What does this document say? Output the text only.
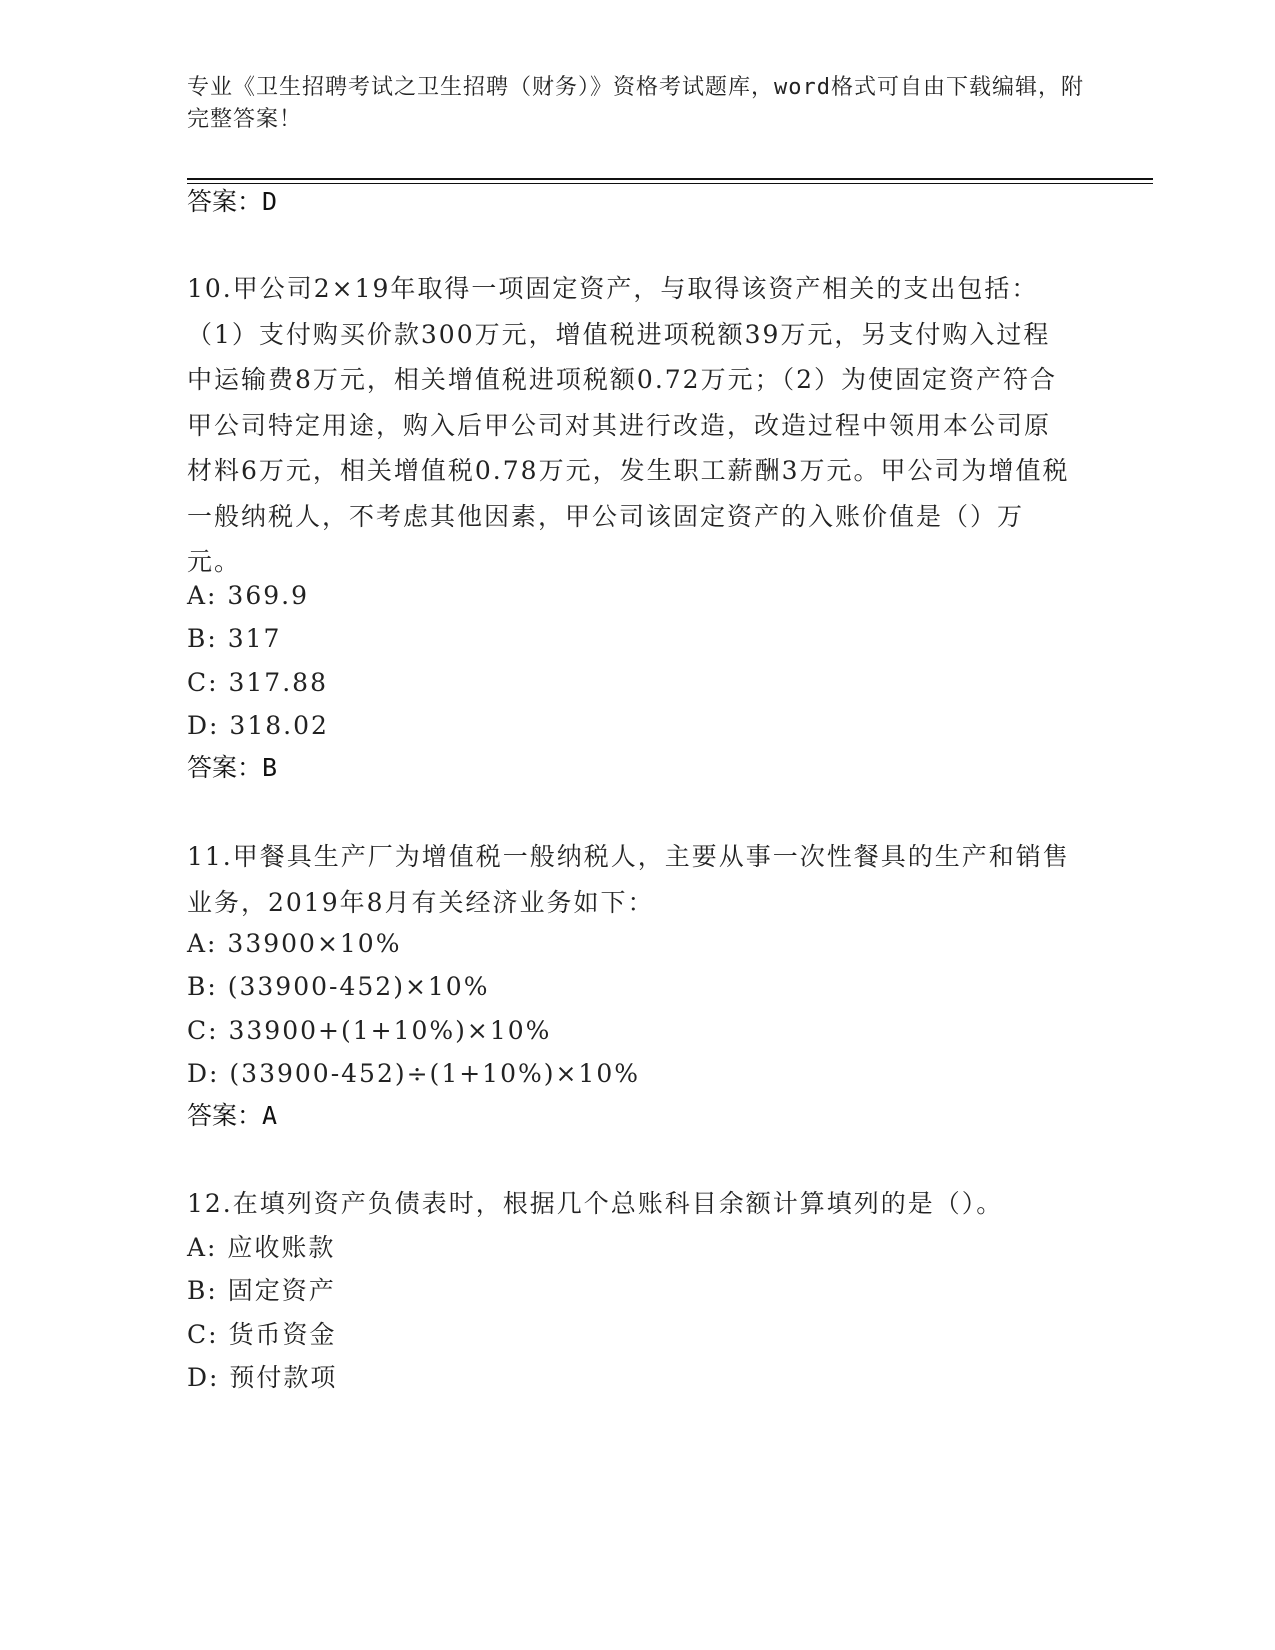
专业《卫生招聘考试之卫生招聘（财务）》资格考试题库，word格式可自由下载编辑，附完整答案！
答案：D
10.甲公司2×19年取得一项固定资产，与取得该资产相关的支出包括：（1）支付购买价款300万元，增值税进项税额39万元，另支付购入过程中运输费8万元，相关增值税进项税额0.72万元；（2）为使固定资产符合甲公司特定用途，购入后甲公司对其进行改造，改造过程中领用本公司原材料6万元，相关增值税0.78万元，发生职工薪酬3万元。甲公司为增值税一般纳税人，不考虑其他因素，甲公司该固定资产的入账价值是（）万元。
A: 369.9
B: 317
C: 317.88
D: 318.02
答案：B
11.甲餐具生产厂为增值税一般纳税人，主要从事一次性餐具的生产和销售业务，2019年8月有关经济业务如下：
A: 33900×10%
B: (33900-452)×10%
C: 33900+(1+10%)×10%
D: (33900-452)÷(1+10%)×10%
答案：A
12.在填列资产负债表时，根据几个总账科目余额计算填列的是（）。
A: 应收账款
B: 固定资产
C: 货币资金
D: 预付款项
